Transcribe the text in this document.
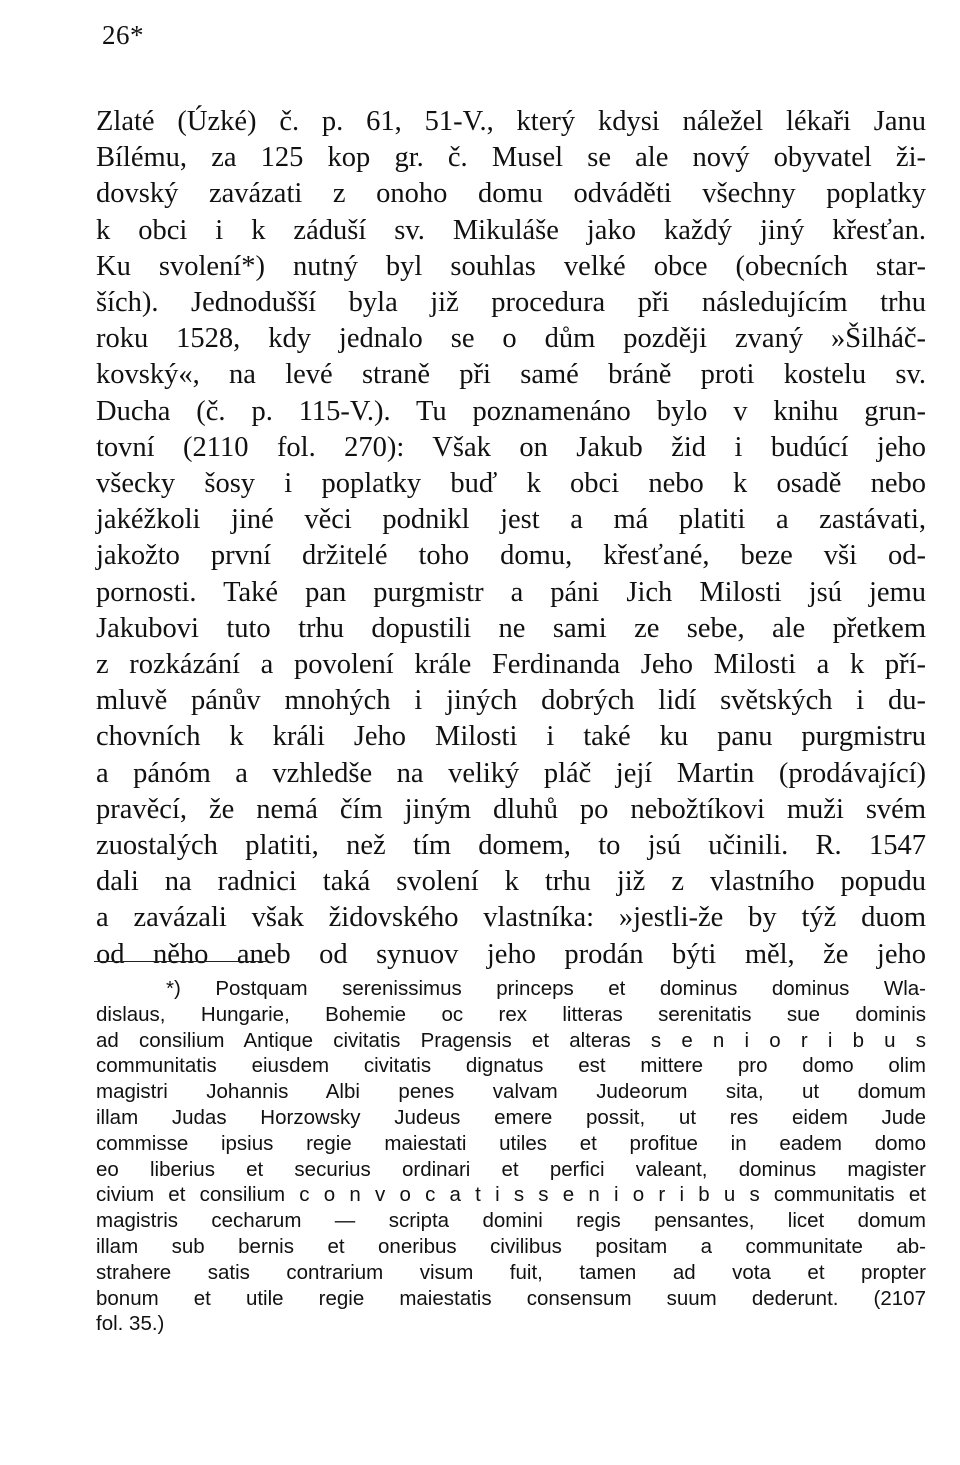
26*
Zlaté (Úzké) č. p. 61, 51-V., který kdysi náležel lékaři Janu
Bílému, za 125 kop gr. č. Musel se ale nový obyvatel ži-
dovský zavázati z onoho domu odváděti všechny poplatky
k obci i k záduší sv. Mikuláše jako každý jiný křesťan.
Ku svolení*) nutný byl souhlas velké obce (obecních star-
ších). Jednodušší byla již procedura při následujícím trhu
roku 1528, kdy jednalo se o dům později zvaný »Šilháč-
kovský«, na levé straně při samé bráně proti kostelu sv.
Ducha (č. p. 115-V.). Tu poznamenáno bylo v knihu grun-
tovní (2110 fol. 270): Však on Jakub žid i budúcí jeho
všecky šosy i poplatky buď k obci nebo k osadě nebo
jakéžkoli jiné věci podnikl jest a má platiti a zastávati,
jakožto první držitelé toho domu, křesťané, beze vši od-
pornosti. Také pan purgmistr a páni Jich Milosti jsú jemu
Jakubovi tuto trhu dopustili ne sami ze sebe, ale přetkem
z rozkázání a povolení krále Ferdinanda Jeho Milosti a k pří-
mluvě pánův mnohých i jiných dobrých lidí světských i du-
chovních k králi Jeho Milosti i také ku panu purgmistru
a pánóm a vzhledše na veliký pláč její Martin (prodávající)
pravěcí, že nemá čím jiným dluhů po nebožtíkovi muži svém
zuostalých platiti, než tím domem, to jsú učinili. R. 1547
dali na radnici taká svolení k trhu již z vlastního popudu
a zavázali však židovského vlastníka: »jestli-že by týž duom
od něho aneb od synuov jeho prodán býti měl, že jeho
*) Postquam serenissimus princeps et dominus dominus Wla-
dislaus, Hungarie, Bohemie oc rex litteras serenitatis sue dominis
ad consilium Antique civitatis Pragensis et alteras s e n i o r i b u s
communitatis eiusdem civitatis dignatus est mittere pro domo olim
magistri Johannis Albi penes valvam Judeorum sita, ut domum
illam Judas Horzowsky Judeus emere possit, ut res eidem Jude
commisse ipsius regie maiestati utiles et profitue in eadem domo
eo liberius et securius ordinari et perfici valeant, dominus magister
civium et consilium c o n v o c a t i s s e n i o r i b u s communitatis et
magistris cecharum — scripta domini regis pensantes, licet domum
illam sub bernis et oneribus civilibus positam a communitate ab-
strahere satis contrarium visum fuit, tamen ad vota et propter
bonum et utile regie maiestatis consensum suum dederunt. (2107
fol. 35.)
